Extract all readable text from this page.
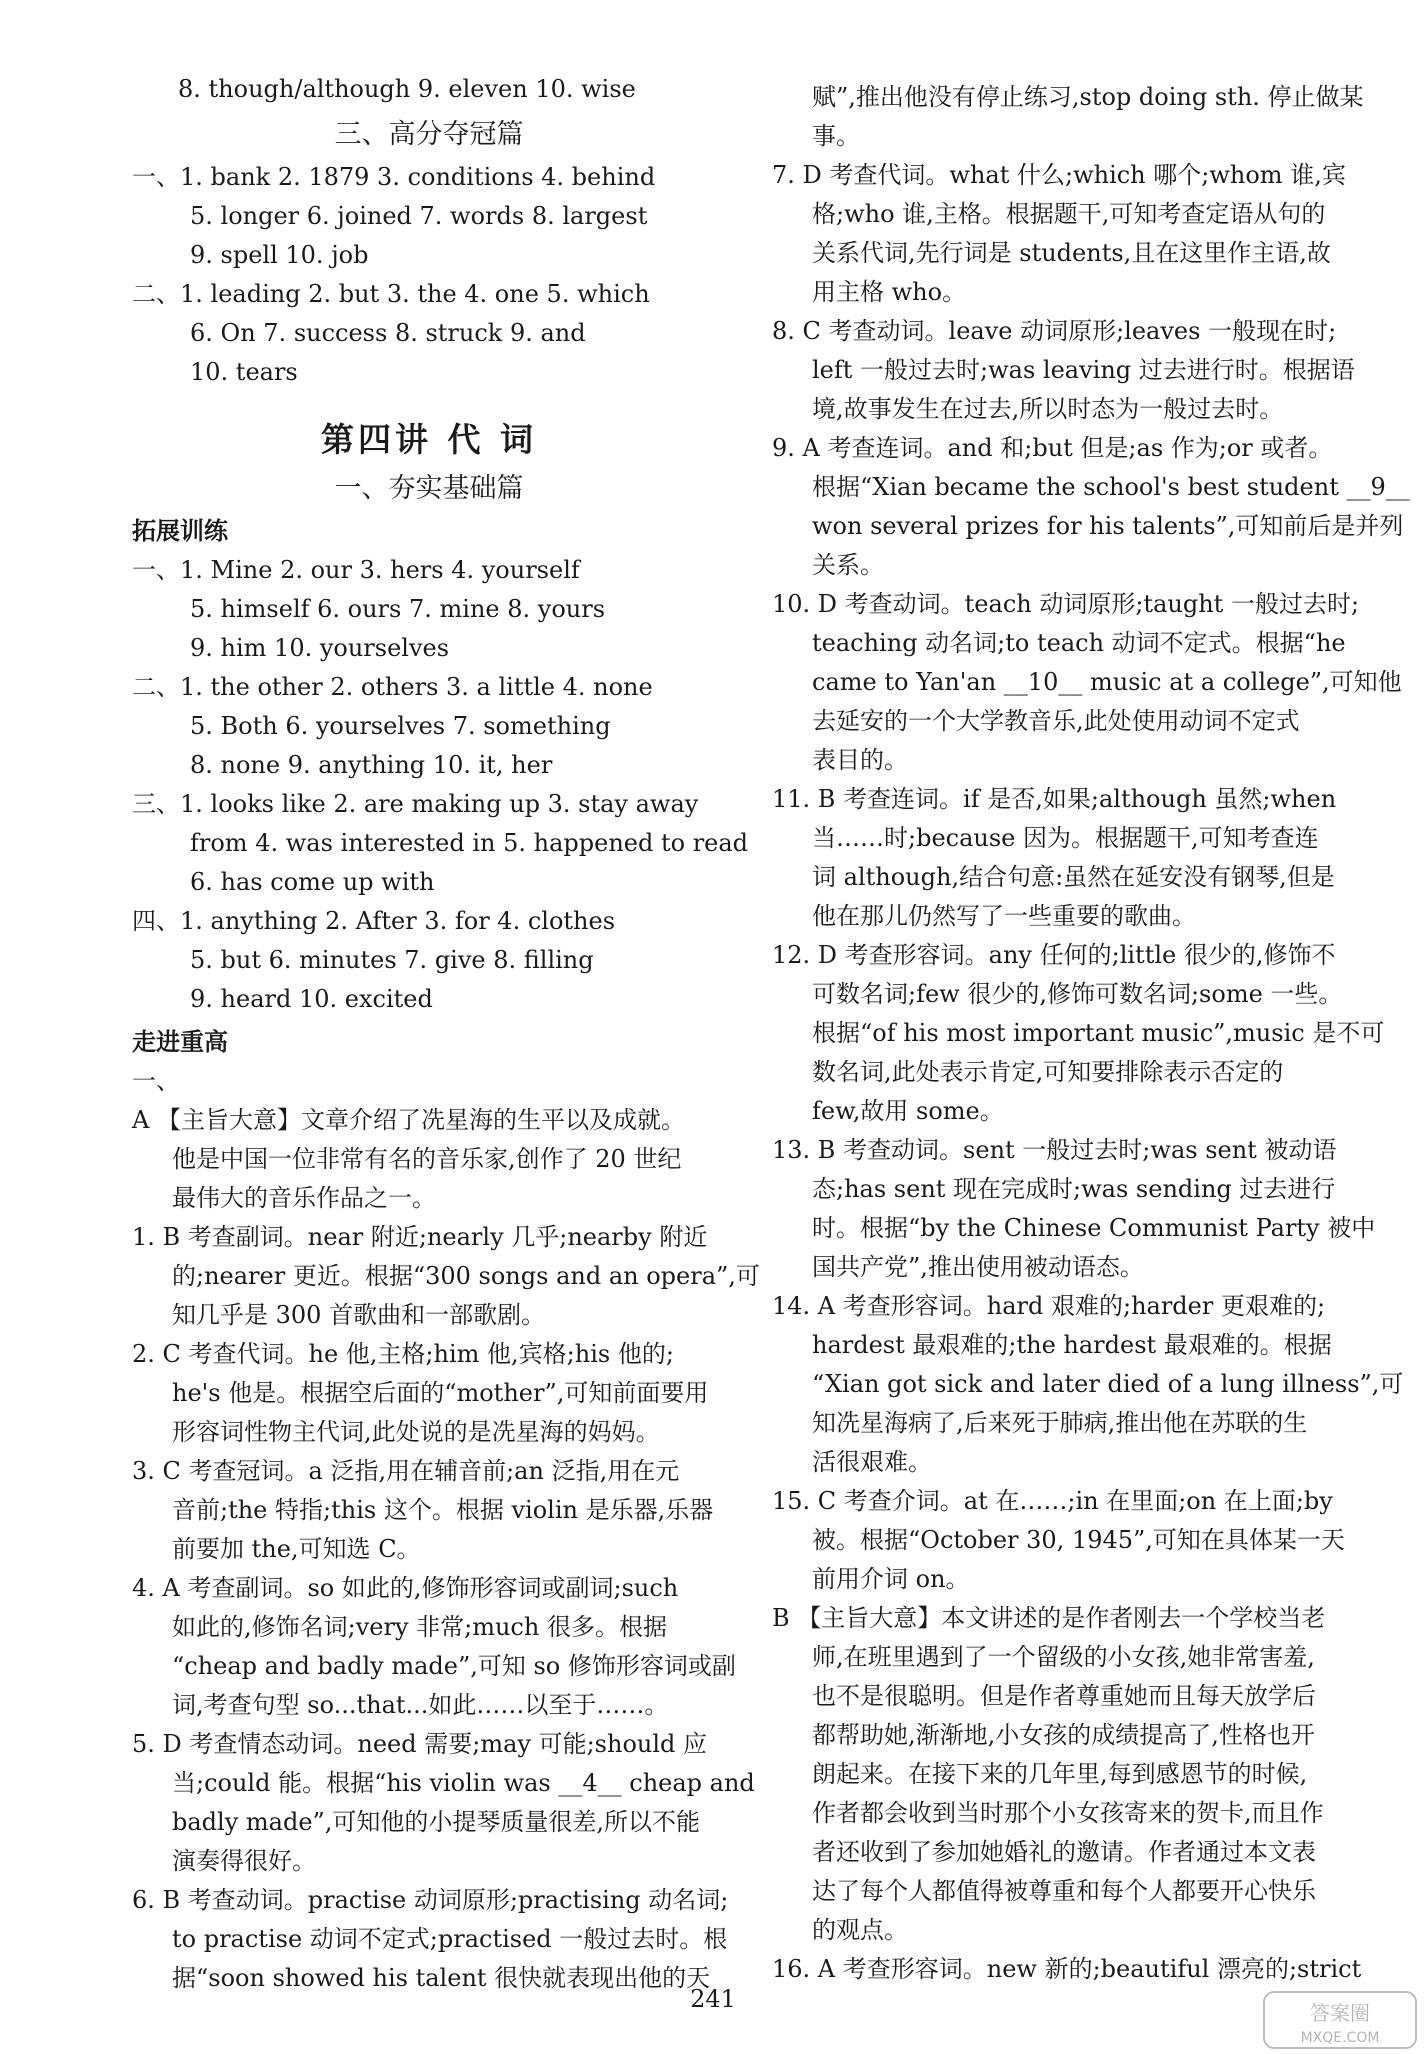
8. though/although 9. eleven 10. wise
三、高分夺冠篇
一、1. bank 2. 1879 3. conditions 4. behind
5. longer 6. joined 7. words 8. largest
9. spell 10. job
二、1. leading 2. but 3. the 4. one 5. which
6. On 7. success 8. struck 9. and
10. tears
第四讲 代 词
一、夯实基础篇
拓展训练
一、1. Mine 2. our 3. hers 4. yourself
5. himself 6. ours 7. mine 8. yours
9. him 10. yourselves
二、1. the other 2. others 3. a little 4. none
5. Both 6. yourselves 7. something
8. none 9. anything 10. it, her
三、1. looks like 2. are making up 3. stay away
from 4. was interested in 5. happened to read
6. has come up with
四、1. anything 2. After 3. for 4. clothes
5. but 6. minutes 7. give 8. filling
9. heard 10. excited
走进重高
一、
A 【主旨大意】文章介绍了冼星海的生平以及成就。
他是中国一位非常有名的音乐家,创作了 20 世纪
最伟大的音乐作品之一。
1. B 考查副词。near 附近;nearly 几乎;nearby 附近
的;nearer 更近。根据“300 songs and an opera”,可
知几乎是 300 首歌曲和一部歌剧。
2. C 考查代词。he 他,主格;him 他,宾格;his 他的;
he's 他是。根据空后面的“mother”,可知前面要用
形容词性物主代词,此处说的是冼星海的妈妈。
3. C 考查冠词。a 泛指,用在辅音前;an 泛指,用在元
音前;the 特指;this 这个。根据 violin 是乐器,乐器
前要加 the,可知选 C。
4. A 考查副词。so 如此的,修饰形容词或副词;such
如此的,修饰名词;very 非常;much 很多。根据
“cheap and badly made”,可知 so 修饰形容词或副
词,考查句型 so...that...如此……以至于……。
5. D 考查情态动词。need 需要;may 可能;should 应
当;could 能。根据“his violin was __4__ cheap and
badly made”,可知他的小提琴质量很差,所以不能
演奏得很好。
6. B 考查动词。practise 动词原形;practising 动名词;
to practise 动词不定式;practised 一般过去时。根
据“soon showed his talent 很快就表现出他的天
赋”,推出他没有停止练习,stop doing sth. 停止做某
事。
7. D 考查代词。what 什么;which 哪个;whom 谁,宾
格;who 谁,主格。根据题干,可知考查定语从句的
关系代词,先行词是 students,且在这里作主语,故
用主格 who。
8. C 考查动词。leave 动词原形;leaves 一般现在时;
left 一般过去时;was leaving 过去进行时。根据语
境,故事发生在过去,所以时态为一般过去时。
9. A 考查连词。and 和;but 但是;as 作为;or 或者。
根据“Xian became the school's best student __9__
won several prizes for his talents”,可知前后是并列
关系。
10. D 考查动词。teach 动词原形;taught 一般过去时;
teaching 动名词;to teach 动词不定式。根据“he
came to Yan'an __10__ music at a college”,可知他
去延安的一个大学教音乐,此处使用动词不定式
表目的。
11. B 考查连词。if 是否,如果;although 虽然;when
当……时;because 因为。根据题干,可知考查连
词 although,结合句意:虽然在延安没有钢琴,但是
他在那儿仍然写了一些重要的歌曲。
12. D 考查形容词。any 任何的;little 很少的,修饰不
可数名词;few 很少的,修饰可数名词;some 一些。
根据“of his most important music”,music 是不可
数名词,此处表示肯定,可知要排除表示否定的
few,故用 some。
13. B 考查动词。sent 一般过去时;was sent 被动语
态;has sent 现在完成时;was sending 过去进行
时。根据“by the Chinese Communist Party 被中
国共产党”,推出使用被动语态。
14. A 考查形容词。hard 艰难的;harder 更艰难的;
hardest 最艰难的;the hardest 最艰难的。根据
“Xian got sick and later died of a lung illness”,可
知冼星海病了,后来死于肺病,推出他在苏联的生
活很艰难。
15. C 考查介词。at 在……;in 在里面;on 在上面;by
被。根据“October 30, 1945”,可知在具体某一天
前用介词 on。
B 【主旨大意】本文讲述的是作者刚去一个学校当老
师,在班里遇到了一个留级的小女孩,她非常害羞,
也不是很聪明。但是作者尊重她而且每天放学后
都帮助她,渐渐地,小女孩的成绩提高了,性格也开
朗起来。在接下来的几年里,每到感恩节的时候,
作者都会收到当时那个小女孩寄来的贺卡,而且作
者还收到了参加她婚礼的邀请。作者通过本文表
达了每个人都值得被尊重和每个人都要开心快乐
的观点。
16. A 考查形容词。new 新的;beautiful 漂亮的;strict
241	答案圈
MXQE.COM
